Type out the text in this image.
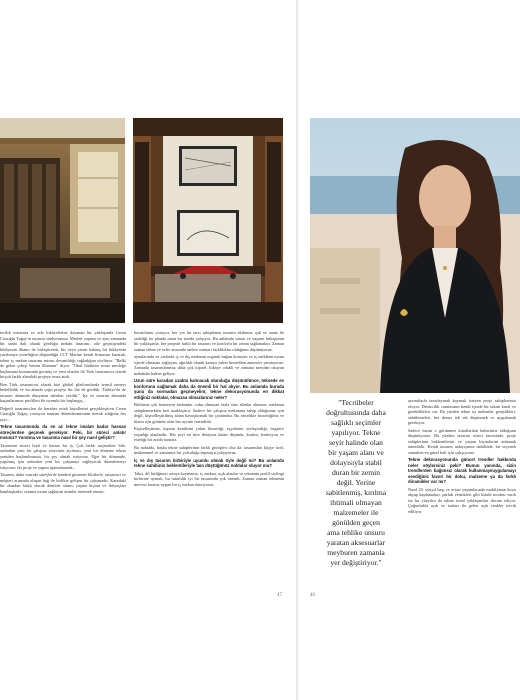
tecilik mirasına ve aile hikâyelerine dayanan bir yaklaşımla Ceren Ciraoğlu Tuğay'ın tasarım stüdyosunun. Meslek yaşamı ve aynı zamanda bir sanat dalı olarak gördüğü mekân tasarımı, aile geçmişindeki hikâyenin ilhamı ile birleştirerek, bir veya yarım kalmış bir hikâyenin yazılmaya yöneltiğini düşündüğü CCT Marine kendi firmasını kurarak, tekne iç mekan tasarımı mirası devamlılığı sağladığını söylüyor. "Belki de gelen çekişi benim ilhamım" diyor. "Okul bittikten sonra mesleğe başlarsana konusunda görmüş ve yeni olanlar ile Türk tasarımcısı olarak birçok farklı alandaki projeye imza attık.

Ben Türk tasarımcısı olarak bizi global platformlarda temsil etmeyi hedefledik ve bu alanda çoğu projeyi bir biz de gördük. Türkiye'de de tasarım alanında dünyanın tabuları yıkıldı." İşe ve tasarım alanında başarılarımızı profilleri ile uyumlu bir başlangıç...

Değerli tasarımcıları ile beraber ortak hayallerini gerçekleştiren Ceren Ciraoğlu Tuğay, rotasyon tasarım düzenlenmesinin merak ettiğiniz her şeyi...

Tekne tasarımında da en az tekne imalatı kadar hassas süreçlerden geçmek gerekiyor. Peki, bir süreci anlatır mısınız? Yaratma ve tasarıma nasıl bir şey nasıl geliştir?

Tasarımın süreci hızlı ve hassas bir iş. Çok farklı seçenekler bile, ardından yeni bir çalışma sürecinin açılması, yeni bir döneme tekrar yeniden başlanılmasını, bir şey olmak istiyoruz. Eğer bir dönemde, yapılmış işin ardından yeni bir çalışmayı sağlayacak düzenlemeyi istiyoruz; iki proje ve yapım aşamalarında...

Tasarım, daha sonraki süreçlerde kendini gösteren fikirlerle, tasarımcı ve müşteri arasında oluşan bağ ile birlikte gelişen bir çalışmadır. Karadaki bir alandan farklı olarak denizde ortam, yaşam biçimi ve ihtiyaçları bambaşkadır; ortama uyum sağlayan ürünler üretmek esastır.

bacımlarını yoruyor, her yer bu tarzı sahiplenen tasarım ekibinin, ışık ve sanat ile sadeliği ön planda tutan bir tarzda çalışıyor. Bu anlamda sanatı ve yaşamı buluşturan bir yaklaşımla, her projede farklı bir tasarım ve konforlu bir ortam sağlamaktır. Zaman zaman tekne ve evler arasında sadece mimari farklılıklar olduğunu düşünüyoruz.

aynalarında ve yatlarda iç ve dış mekanın organik bağını koruyan ve iç mekânın uyum içinde olmasını sağlayan, ağırlıklı olarak karaya yakın hissedilen atmosfer yaratıyoruz. Zamanla tasarımlarımız daha çok kişisel, hikâye odaklı ve zamana meydan okuyan mekânlar haline geliyor.

Uzun süre karadan uzakta kalınacak olunduğu düşünülünce, teknede ev konforunu sağlamak daha da önemli bir hal alıyor. Bu anlamda burada şunu da sormadan geçmeyelim; tekne dekorasyonunda en dikkat ettiğiniz noktalar, olmazsa olmazlarınız neler?

Birbirine çok benzeyen mekanlar, ruhu olmayan fazla süre alanlar olmasın; mekanın sahiplenmekten bizi uzaklaştırır. Sadece bir çalışma mekanına sahip olduğunuz için değil, kişiselleştirilmiş alana kavuşturmak bir çözümdür. Bu öncelikle hissettiğiniz ve bizim için görünür olan her ayrıntı önemlidir.

Kişiselleştirme, kişinin kendisini yakın hissettiği, eşyalarını yerleştirdiği, özgürce yaşadığı alanlardır. Her şeyi en ince detayına kadar düşünür, konfor, fonksiyon ve estetiği bir arada sunarız.

Bu noktada, başka tekne sahiplerinin farklı görüşleri olsa da; tasarımları kişiye özel, mükemmel ve zamansız bir yolculuğa taşımaya çalışıyoruz.

İç ve dış tasarım birbiriyle uyumlu olmalı öyle değil mi? Bu anlamda tekne sahibinin beklentileriyle tam düştüğünüz noktalar oluyor mu?

Tabii, dil birliğinizi ortaya koymanız; iç mekan, açık alanlar ve teknenin profil stylingi birbirine uymalı, bu tutarlılık iyi bir tasarımda çok önemli. Zaman zaman teknenin mevcut tarzına uygun bir iç mekan öneriyoruz.

"Tecrübeler
doğrultusunda daha
sağlıklı seçimler
yapılıyor. Tekne
seyir halinde olan
bir yaşam alanı ve
dolayısıyla stabil
duran bir zemin
değil. Yerine
sabitlenmiş, kırılma
ihtimali olmayan
malzemeler ile
gönülden geçen
ama tehlike unsuru
yaratan aksesuarlar
meyburen zamanla
yer değiştiriyor."

ayrıntılarla tasarlayarak kaymak isteyen proje sahiplerimiz oluyor. Denizcilik camiasının kendi içinde bir takım kural ve gereklilikleri var. Bu yüzden tekne içi mekanlar genişlikleri, sabitlemeleri, her detayı tek tek düşünmek ve uygulamak gerekiyor.

Sadece bizim o görünmez kurallardan haberimiz olduğunu düşünüyoruz. Bu yüzden tasarım süreci öncesinde, proje sahiplerinin beklentilerini ve yaşam biçimlerini anlamak önemlidir. Kendi tasarım anlayışımız dahilinde, bir seçenek sunarken en güzel hali için çalışıyoruz.

Tekne dekorasyonunda güncel trendler hakkında neler söylersiniz peki? Bunun yanında, sizin trendlerden bağımsız olarak kullanmayı/uygulamayı sevdiğiniz favori bir doku, malzeme ya da farklı dinamikler var mı?

Nasıl 20. yüzyıl başı ve ortası yaşamlarında mobilyanın koyu ahşap kaplamaları, parlak vernikleri gibi klasik modası vardı ise bu yüzyılın da tabiat trend yaklaşımları devam ediyor. Çoğunlukla açık ve tonları ile gelen açık renkler tercih ediliyor.

47	46
